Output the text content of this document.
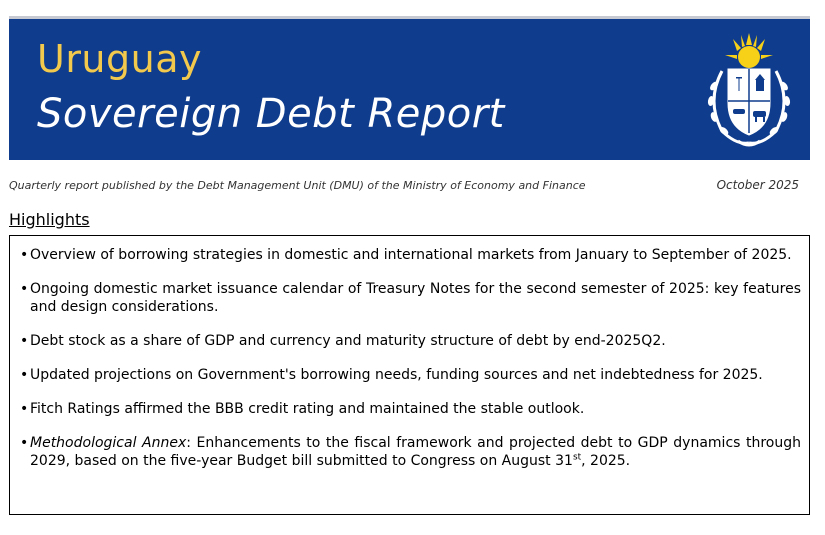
Uruguay
Sovereign Debt Report
Quarterly report published by the Debt Management Unit (DMU) of the Ministry of Economy and Finance	October 2025
Highlights
• Overview of borrowing strategies in domestic and international markets from January to September of 2025.
• Ongoing domestic market issuance calendar of Treasury Notes for the second semester of 2025: key features and design considerations.
• Debt stock as a share of GDP and currency and maturity structure of debt by end-2025Q2.
• Updated projections on Government's borrowing needs, funding sources and net indebtedness for 2025.
• Fitch Ratings affirmed the BBB credit rating and maintained the stable outlook.
• Methodological Annex: Enhancements to the fiscal framework and projected debt to GDP dynamics through 2029, based on the five-year Budget bill submitted to Congress on August 31st, 2025.
